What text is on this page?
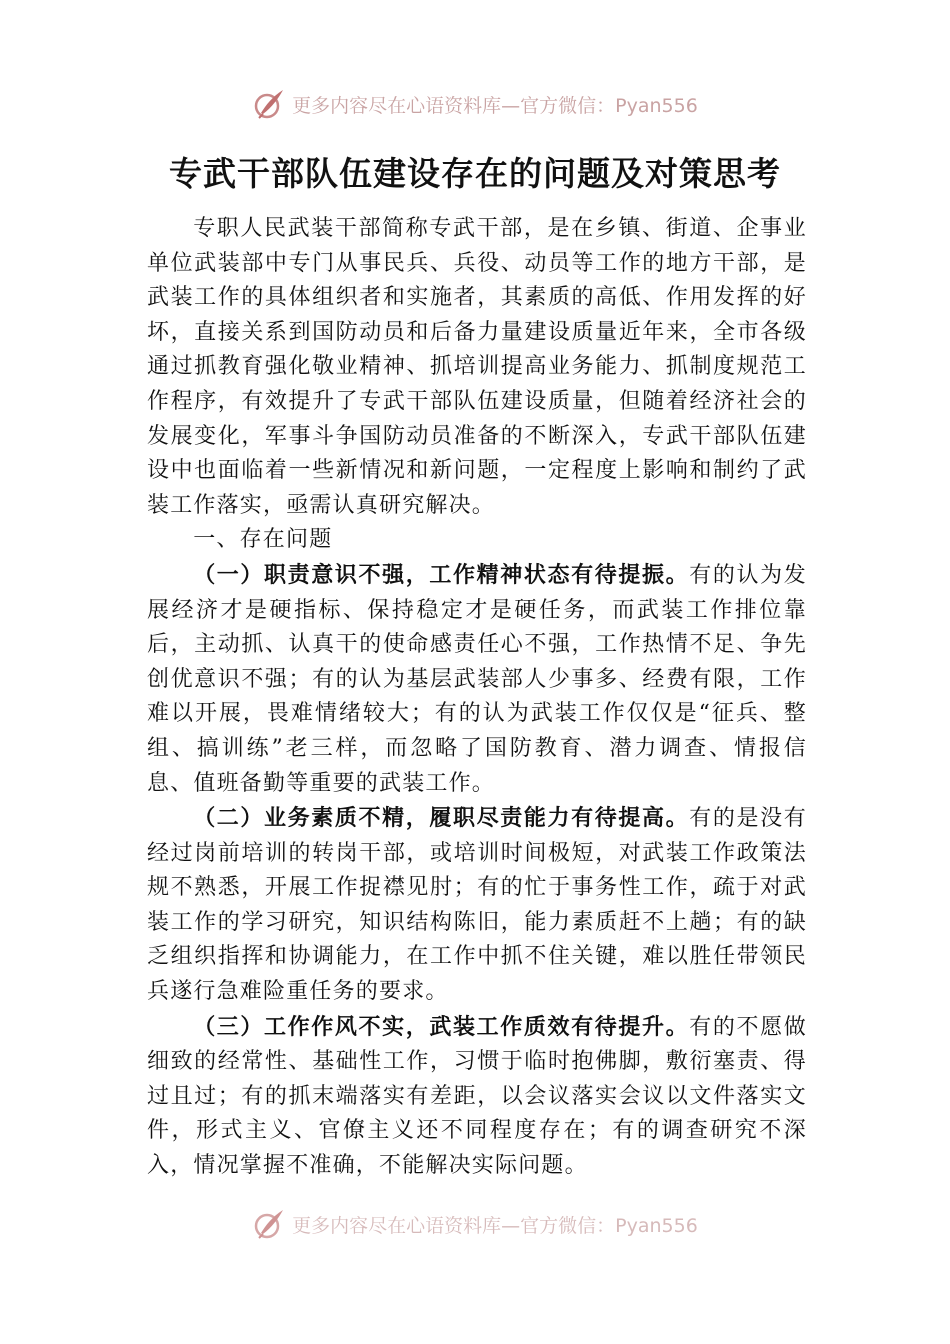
更多内容尽在心语资料库—官方微信：Pyan556
专武干部队伍建设存在的问题及对策思考

专职人民武装干部简称专武干部，是在乡镇、街道、企事业单位武装部中专门从事民兵、兵役、动员等工作的地方干部，是武装工作的具体组织者和实施者，其素质的高低、作用发挥的好坏，直接关系到国防动员和后备力量建设质量近年来，全市各级通过抓教育强化敬业精神、抓培训提高业务能力、抓制度规范工作程序，有效提升了专武干部队伍建设质量，但随着经济社会的发展变化，军事斗争国防动员准备的不断深入，专武干部队伍建设中也面临着一些新情况和新问题，一定程度上影响和制约了武装工作落实，亟需认真研究解决。

一、存在问题

（一）职责意识不强，工作精神状态有待提振。有的认为发展经济才是硬指标、保持稳定才是硬任务，而武装工作排位靠后，主动抓、认真干的使命感责任心不强，工作热情不足、争先创优意识不强；有的认为基层武装部人少事多、经费有限，工作难以开展，畏难情绪较大；有的认为武装工作仅仅是“征兵、整组、搞训练”老三样，而忽略了国防教育、潜力调查、情报信息、值班备勤等重要的武装工作。

（二）业务素质不精，履职尽责能力有待提高。有的是没有经过岗前培训的转岗干部，或培训时间极短，对武装工作政策法规不熟悉，开展工作捉襟见肘；有的忙于事务性工作，疏于对武装工作的学习研究，知识结构陈旧，能力素质赶不上趟；有的缺乏组织指挥和协调能力，在工作中抓不住关键，难以胜任带领民兵遂行急难险重任务的要求。

（三）工作作风不实，武装工作质效有待提升。有的不愿做细致的经常性、基础性工作，习惯于临时抱佛脚，敷衍塞责、得过且过；有的抓末端落实有差距，以会议落实会议以文件落实文件，形式主义、官僚主义还不同程度存在；有的调查研究不深入，情况掌握不准确，不能解决实际问题。

更多内容尽在心语资料库—官方微信：Pyan556
